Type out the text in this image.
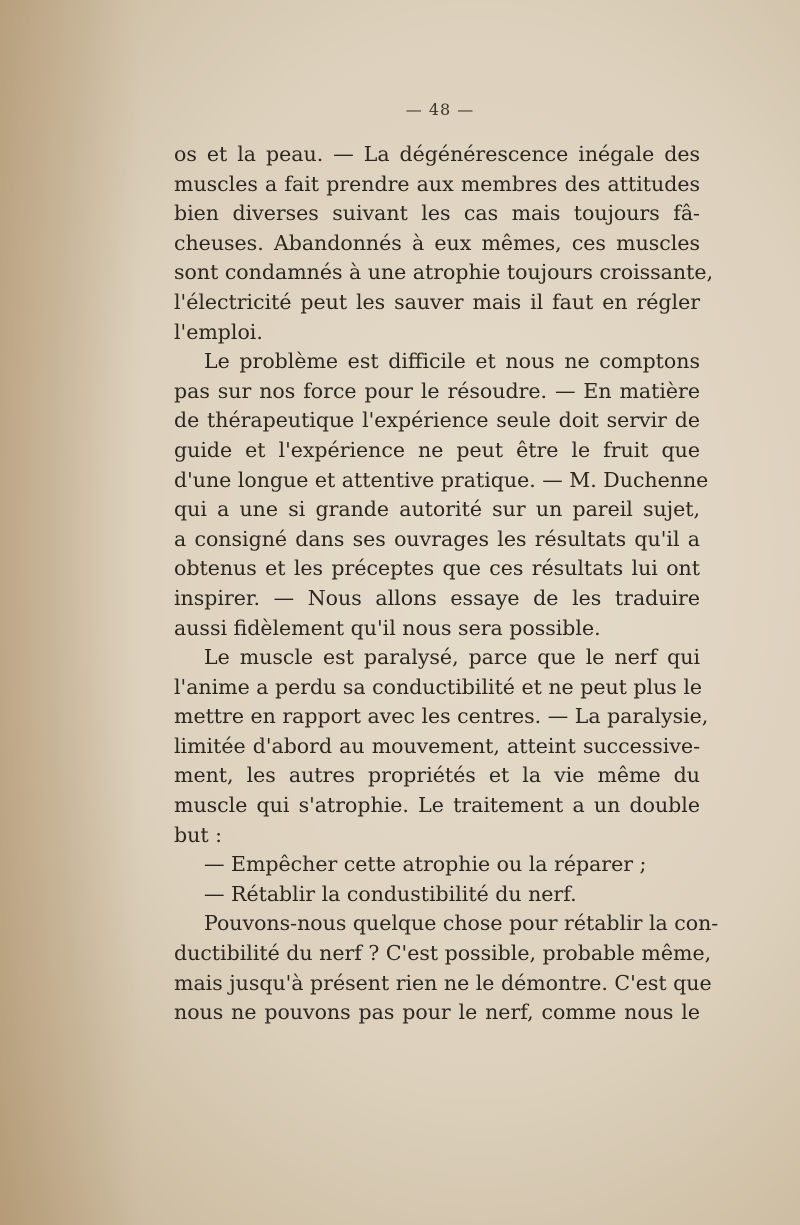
— 48 —
os et la peau. — La dégénérescence inégale des
muscles a fait prendre aux membres des attitudes
bien diverses suivant les cas mais toujours fâ-
cheuses. Abandonnés à eux mêmes, ces muscles
sont condamnés à une atrophie toujours croissante,
l'électricité peut les sauver mais il faut en régler
l'emploi.
Le problème est difficile et nous ne comptons
pas sur nos force pour le résoudre. — En matière
de thérapeutique l'expérience seule doit servir de
guide et l'expérience ne peut être le fruit que
d'une longue et attentive pratique. — M. Duchenne
qui a une si grande autorité sur un pareil sujet,
a consigné dans ses ouvrages les résultats qu'il a
obtenus et les préceptes que ces résultats lui ont
inspirer. — Nous allons essaye de les traduire
aussi fidèlement qu'il nous sera possible.
Le muscle est paralysé, parce que le nerf qui
l'anime a perdu sa conductibilité et ne peut plus le
mettre en rapport avec les centres. — La paralysie,
limitée d'abord au mouvement, atteint successive-
ment, les autres propriétés et la vie même du
muscle qui s'atrophie. Le traitement a un double
but :
— Empêcher cette atrophie ou la réparer ;
— Rétablir la condustibilité du nerf.
Pouvons-nous quelque chose pour rétablir la con-
ductibilité du nerf ? C'est possible, probable même,
mais jusqu'à présent rien ne le démontre. C'est que
nous ne pouvons pas pour le nerf, comme nous le
